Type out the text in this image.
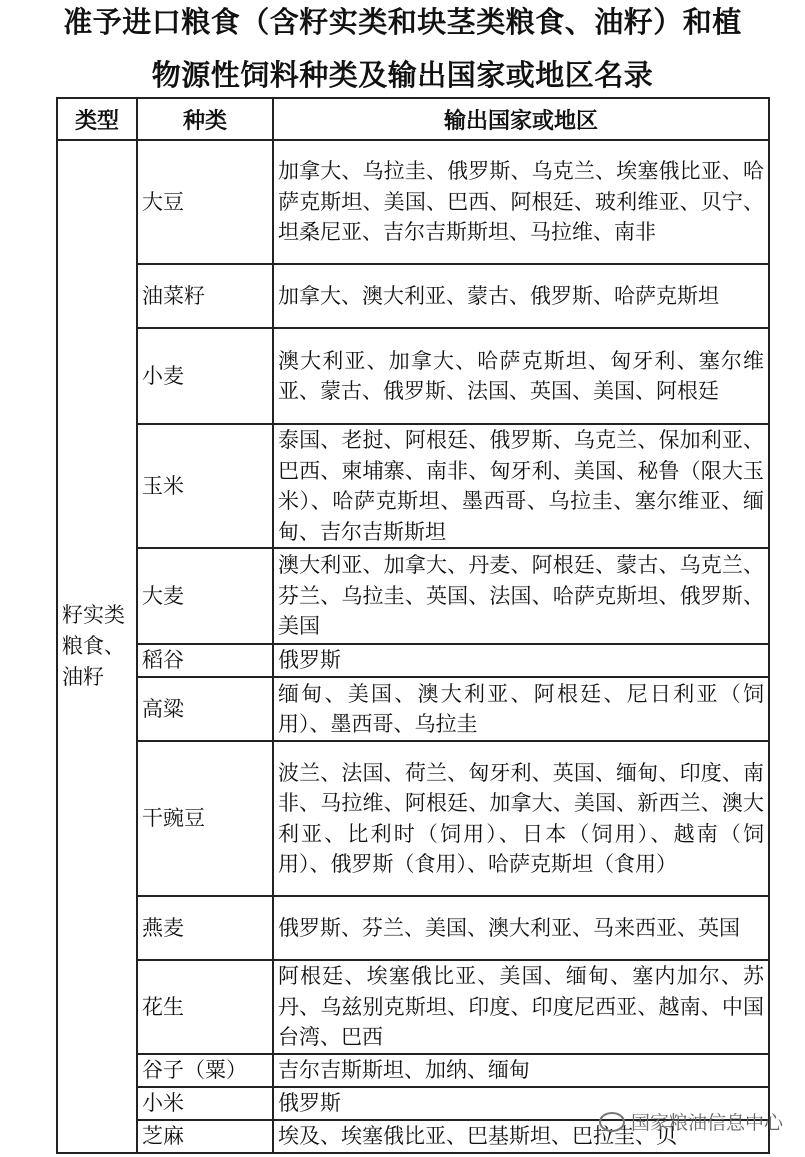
准予进口粮食（含籽实类和块茎类粮食、油籽）和植
物源性饲料种类及输出国家或地区名录
类型	种类	输出国家或地区
籽实类粮食、油籽	大豆	加拿大、乌拉圭、俄罗斯、乌克兰、埃塞俄比亚、哈萨克斯坦、美国、巴西、阿根廷、玻利维亚、贝宁、坦桑尼亚、吉尔吉斯斯坦、马拉维、南非
	油菜籽	加拿大、澳大利亚、蒙古、俄罗斯、哈萨克斯坦
	小麦	澳大利亚、加拿大、哈萨克斯坦、匈牙利、塞尔维亚、蒙古、俄罗斯、法国、英国、美国、阿根廷
	玉米	泰国、老挝、阿根廷、俄罗斯、乌克兰、保加利亚、巴西、柬埔寨、南非、匈牙利、美国、秘鲁（限大玉米）、哈萨克斯坦、墨西哥、乌拉圭、塞尔维亚、缅甸、吉尔吉斯斯坦
	大麦	澳大利亚、加拿大、丹麦、阿根廷、蒙古、乌克兰、芬兰、乌拉圭、英国、法国、哈萨克斯坦、俄罗斯、美国
	稻谷	俄罗斯
	高粱	缅甸、美国、澳大利亚、阿根廷、尼日利亚（饲用）、墨西哥、乌拉圭
	干豌豆	波兰、法国、荷兰、匈牙利、英国、缅甸、印度、南非、马拉维、阿根廷、加拿大、美国、新西兰、澳大利亚、比利时（饲用）、日本（饲用）、越南（饲用）、俄罗斯（食用）、哈萨克斯坦（食用）
	燕麦	俄罗斯、芬兰、美国、澳大利亚、马来西亚、英国
	花生	阿根廷、埃塞俄比亚、美国、缅甸、塞内加尔、苏丹、乌兹别克斯坦、印度、印度尼西亚、越南、中国台湾、巴西
	谷子（粟）	吉尔吉斯斯坦、加纳、缅甸
	小米	俄罗斯
	芝麻	埃及、埃塞俄比亚、巴基斯坦、巴拉圭、贝
国家粮油信息中心
